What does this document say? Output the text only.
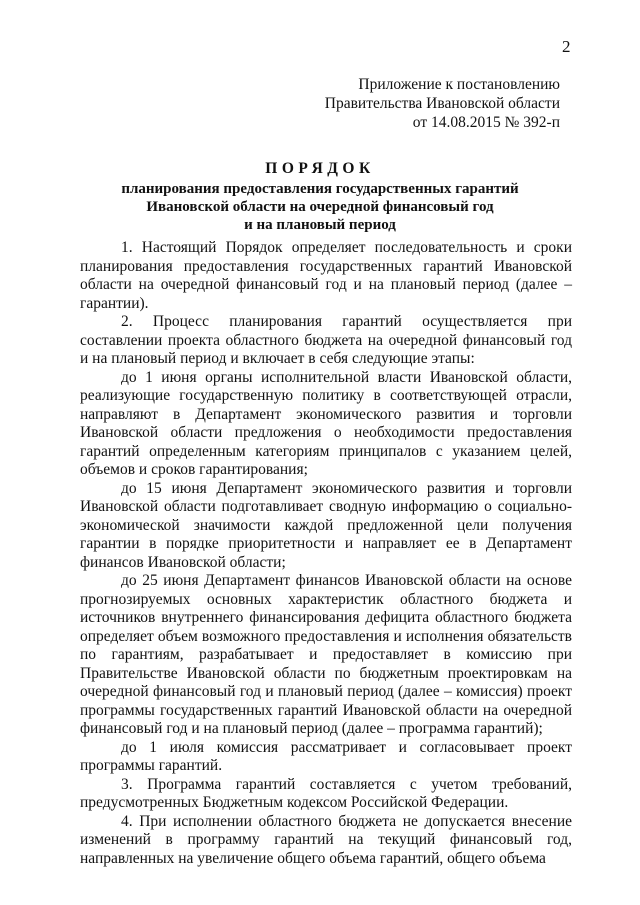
2
Приложение к постановлению
Правительства Ивановской области
от 14.08.2015 № 392-п
ПОРЯДОК
планирования предоставления государственных гарантий
Ивановской области на очередной финансовый год
и на плановый период

1. Настоящий Порядок определяет последовательность и сроки планирования предоставления государственных гарантий Ивановской области на очередной финансовый год и на плановый период (далее – гарантии).

2. Процесс планирования гарантий осуществляется при составлении проекта областного бюджета на очередной финансовый год и на плановый период и включает в себя следующие этапы:

до 1 июня органы исполнительной власти Ивановской области, реализующие государственную политику в соответствующей отрасли, направляют в Департамент экономического развития и торговли Ивановской области предложения о необходимости предоставления гарантий определенным категориям принципалов с указанием целей, объемов и сроков гарантирования;

до 15 июня Департамент экономического развития и торговли Ивановской области подготавливает сводную информацию о социально-экономической значимости каждой предложенной цели получения гарантии в порядке приоритетности и направляет ее в Департамент финансов Ивановской области;

до 25 июня Департамент финансов Ивановской области на основе прогнозируемых основных характеристик областного бюджета и источников внутреннего финансирования дефицита областного бюджета определяет объем возможного предоставления и исполнения обязательств по гарантиям, разрабатывает и предоставляет в комиссию при Правительстве Ивановской области по бюджетным проектировкам на очередной финансовый год и плановый период (далее – комиссия) проект программы государственных гарантий Ивановской области на очередной финансовый год и на плановый период (далее – программа гарантий);

до 1 июля комиссия рассматривает и согласовывает проект программы гарантий.

3. Программа гарантий составляется с учетом требований, предусмотренных Бюджетным кодексом Российской Федерации.

4. При исполнении областного бюджета не допускается внесение изменений в программу гарантий на текущий финансовый год, направленных на увеличение общего объема гарантий, общего объема
